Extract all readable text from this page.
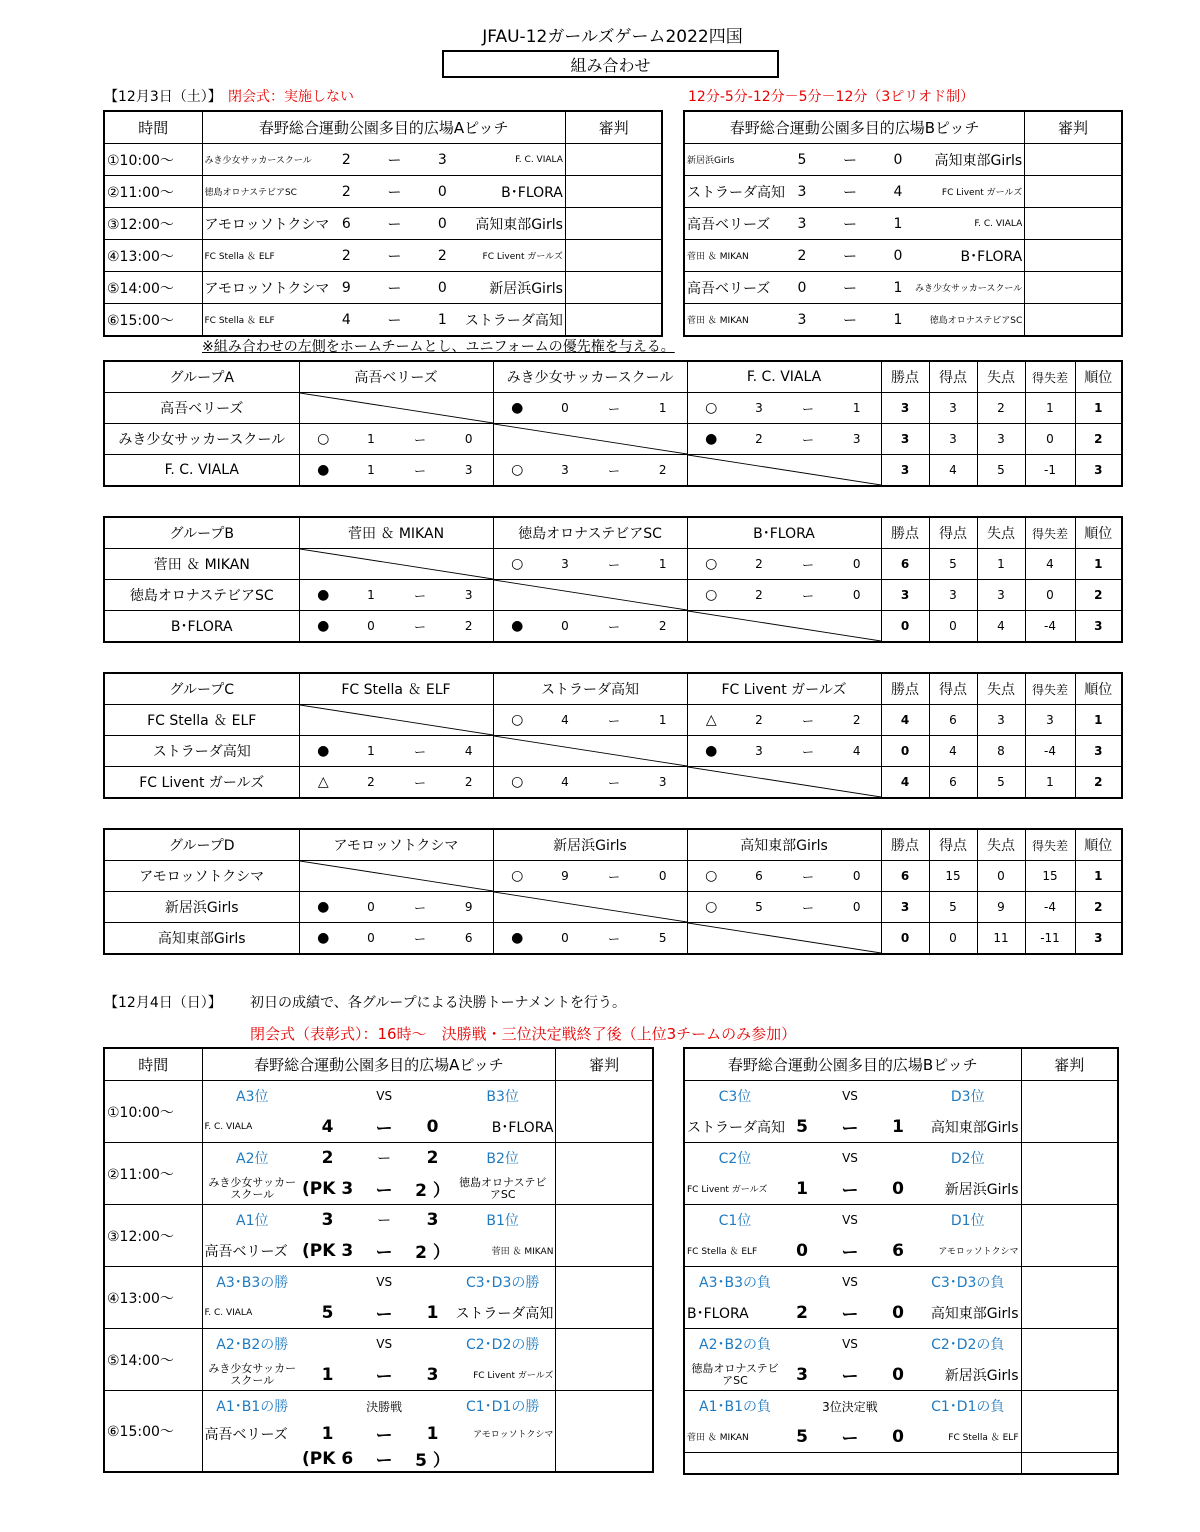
JFAU-12ガールズゲーム2022四国
組み合わせ
【12月3日（土）】 閉会式：実施しない	12分-5分-12分－5分－12分（3ピリオド制）
時間	春野総合運動公園多目的広場Aピッチ					審判
①10:00～	みき少女サッカースクール	2	ー	3	F. C. VIALA	
②11:00～	徳島オロナステビアSC	2	ー	0	B･FLORA	
③12:00～	アモロッソトクシマ	6	ー	0	高知東部Girls	
④13:00～	FC Stella ＆ ELF	2	ー	2	FC Livent ガールズ	
⑤14:00～	アモロッソトクシマ	9	ー	0	新居浜Girls	
⑥15:00～	FC Stella ＆ ELF	4	ー	1	ストラーダ高知	
春野総合運動公園多目的広場Bピッチ					審判
新居浜Girls	5	ー	0	高知東部Girls	
ストラーダ高知	3	ー	4	FC Livent ガールズ	
高吾ベリーズ	3	ー	1	F. C. VIALA	
菅田 ＆ MIKAN	2	ー	0	B･FLORA	
高吾ベリーズ	0	ー	1	みき少女サッカースクール	
菅田 ＆ MIKAN	3	ー	1	徳島オロナステビアSC	
※組み合わせの左側をホームチームとし、ユニフォームの優先権を与える。
グループA	高吾ベリーズ				みき少女サッカースクール				F. C. VIALA				勝点	得点	失点	得失差	順位
高吾ベリーズ					●	0	ー	1	○	3	ー	1	3	3	2	1	1
みき少女サッカースクール	○	1	ー	0					●	2	ー	3	3	3	3	0	2
F. C. VIALA	●	1	ー	3	○	3	ー	2					3	4	5	-1	3
グループB	菅田 ＆ MIKAN				徳島オロナステビアSC				B･FLORA				勝点	得点	失点	得失差	順位
菅田 ＆ MIKAN					○	3	ー	1	○	2	ー	0	6	5	1	4	1
徳島オロナステビアSC	●	1	ー	3					○	2	ー	0	3	3	3	0	2
B･FLORA	●	0	ー	2	●	0	ー	2					0	0	4	-4	3
グループC	FC Stella ＆ ELF				ストラーダ高知				FC Livent ガールズ				勝点	得点	失点	得失差	順位
FC Stella ＆ ELF					○	4	ー	1	△	2	ー	2	4	6	3	3	1
ストラーダ高知	●	1	ー	4					●	3	ー	4	0	4	8	-4	3
FC Livent ガールズ	△	2	ー	2	○	4	ー	3					4	6	5	1	2
グループD	アモロッソトクシマ				新居浜Girls				高知東部Girls				勝点	得点	失点	得失差	順位
アモロッソトクシマ					○	9	ー	0	○	6	ー	0	6	15	0	15	1
新居浜Girls	●	0	ー	9					○	5	ー	0	3	5	9	-4	2
高知東部Girls	●	0	ー	6	●	0	ー	5					0	0	11	-11	3
【12月4日（日）】 初日の成績で、各グループによる決勝トーナメントを行う。
閉会式（表彰式）：16時～　決勝戦・三位決定戦終了後（上位3チームのみ参加）
時間	春野総合運動公園多目的広場Aピッチ					審判
①10:00～	A3位		VS		B3位	
	F. C. VIALA	4	ー	0	B･FLORA	
②11:00～	A2位	2	ー	2	B2位	
	みき少女サッカー
スクール	(PK 3	ー	2 ）	徳島オロナステビ
アSC	
③12:00～	A1位	3	ー	3	B1位	
	高吾ベリーズ	(PK 3	ー	2 ）	菅田 ＆ MIKAN	
④13:00～	A3･B3の勝		VS		C3･D3の勝	
	F. C. VIALA	5	ー	1	ストラーダ高知	
⑤14:00～	A2･B2の勝		VS		C2･D2の勝	
	みき少女サッカー
スクール	1	ー	3	FC Livent ガールズ	
⑥15:00～	A1･B1の勝		決勝戦		C1･D1の勝	
	高吾ベリーズ	1	ー	1	アモロッソトクシマ	
		(PK 6	ー	5 ）		
春野総合運動公園多目的広場Bピッチ					審判
C3位		VS		D3位	
ストラーダ高知	5	ー	1	高知東部Girls	
C2位		VS		D2位	
FC Livent ガールズ	1	ー	0	新居浜Girls	
C1位		VS		D1位	
FC Stella ＆ ELF	0	ー	6	アモロッソトクシマ	
A3･B3の負		VS		C3･D3の負	
B･FLORA	2	ー	0	高知東部Girls	
A2･B2の負		VS		C2･D2の負	
徳島オロナステビ
アSC	3	ー	0	新居浜Girls	
A1･B1の負		3位決定戦		C1･D1の負	
菅田 ＆ MIKAN	5	ー	0	FC Stella ＆ ELF	
